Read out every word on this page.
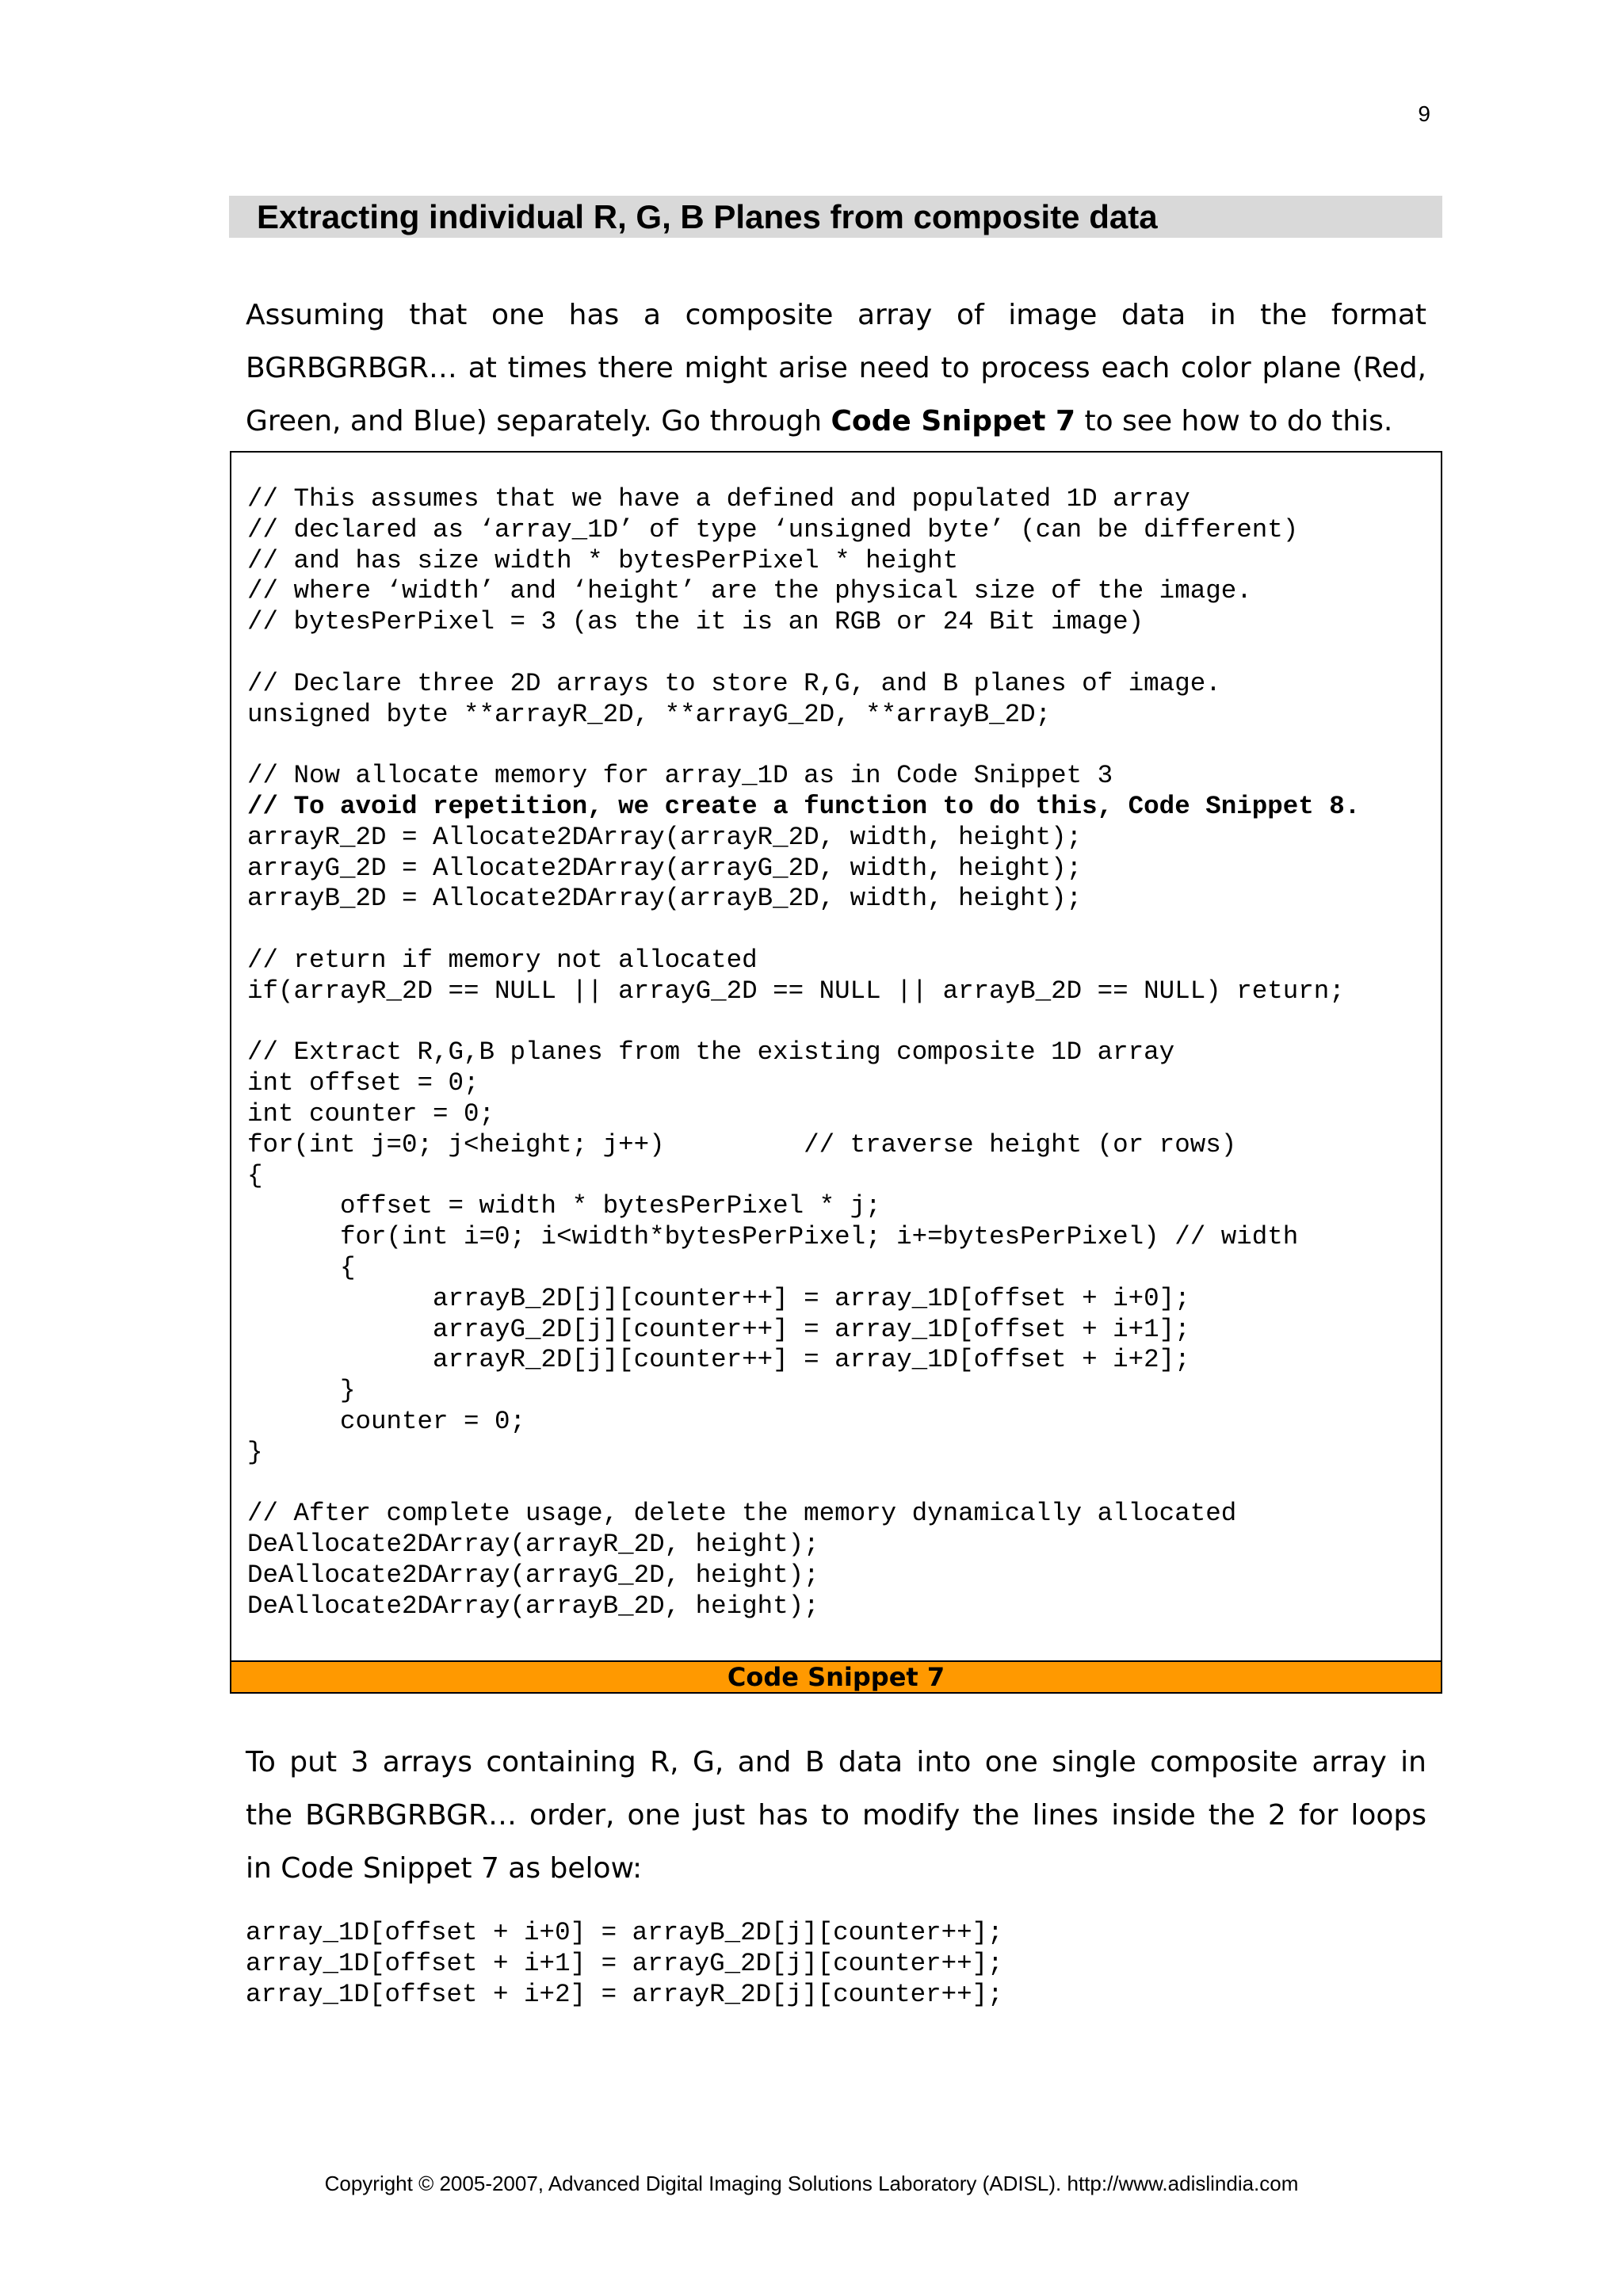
9
Extracting individual R, G, B Planes from composite data
Assuming that one has a composite array of image data in the format
BGRBGRBGR… at times there might arise need to process each color plane (Red,
Green, and Blue) separately. Go through Code Snippet 7 to see how to do this.
// This assumes that we have a defined and populated 1D array
// declared as ‘array_1D’ of type ‘unsigned byte’ (can be different)
// and has size width * bytesPerPixel * height
// where ‘width’ and ‘height’ are the physical size of the image.
// bytesPerPixel = 3 (as the it is an RGB or 24 Bit image)

// Declare three 2D arrays to store R,G, and B planes of image.
unsigned byte **arrayR_2D, **arrayG_2D, **arrayB_2D;

// Now allocate memory for array_1D as in Code Snippet 3
// To avoid repetition, we create a function to do this, Code Snippet 8.
arrayR_2D = Allocate2DArray(arrayR_2D, width, height);
arrayG_2D = Allocate2DArray(arrayG_2D, width, height);
arrayB_2D = Allocate2DArray(arrayB_2D, width, height);

// return if memory not allocated
if(arrayR_2D == NULL || arrayG_2D == NULL || arrayB_2D == NULL) return;

// Extract R,G,B planes from the existing composite 1D array
int offset = 0;
int counter = 0;
for(int j=0; j<height; j++)         // traverse height (or rows)
{
offset = width * bytesPerPixel * j;
for(int i=0; i<width*bytesPerPixel; i+=bytesPerPixel) // width
{
arrayB_2D[j][counter++] = array_1D[offset + i+0];
arrayG_2D[j][counter++] = array_1D[offset + i+1];
arrayR_2D[j][counter++] = array_1D[offset + i+2];
}
counter = 0;
}

// After complete usage, delete the memory dynamically allocated
DeAllocate2DArray(arrayR_2D, height);
DeAllocate2DArray(arrayG_2D, height);
DeAllocate2DArray(arrayB_2D, height);
Code Snippet 7
To put 3 arrays containing R, G, and B data into one single composite array in
the BGRBGRBGR… order, one just has to modify the lines inside the 2 for loops
in Code Snippet 7 as below:
array_1D[offset + i+0] = arrayB_2D[j][counter++];
array_1D[offset + i+1] = arrayG_2D[j][counter++];
array_1D[offset + i+2] = arrayR_2D[j][counter++];
Copyright © 2005-2007, Advanced Digital Imaging Solutions Laboratory (ADISL). http://www.adislindia.com
